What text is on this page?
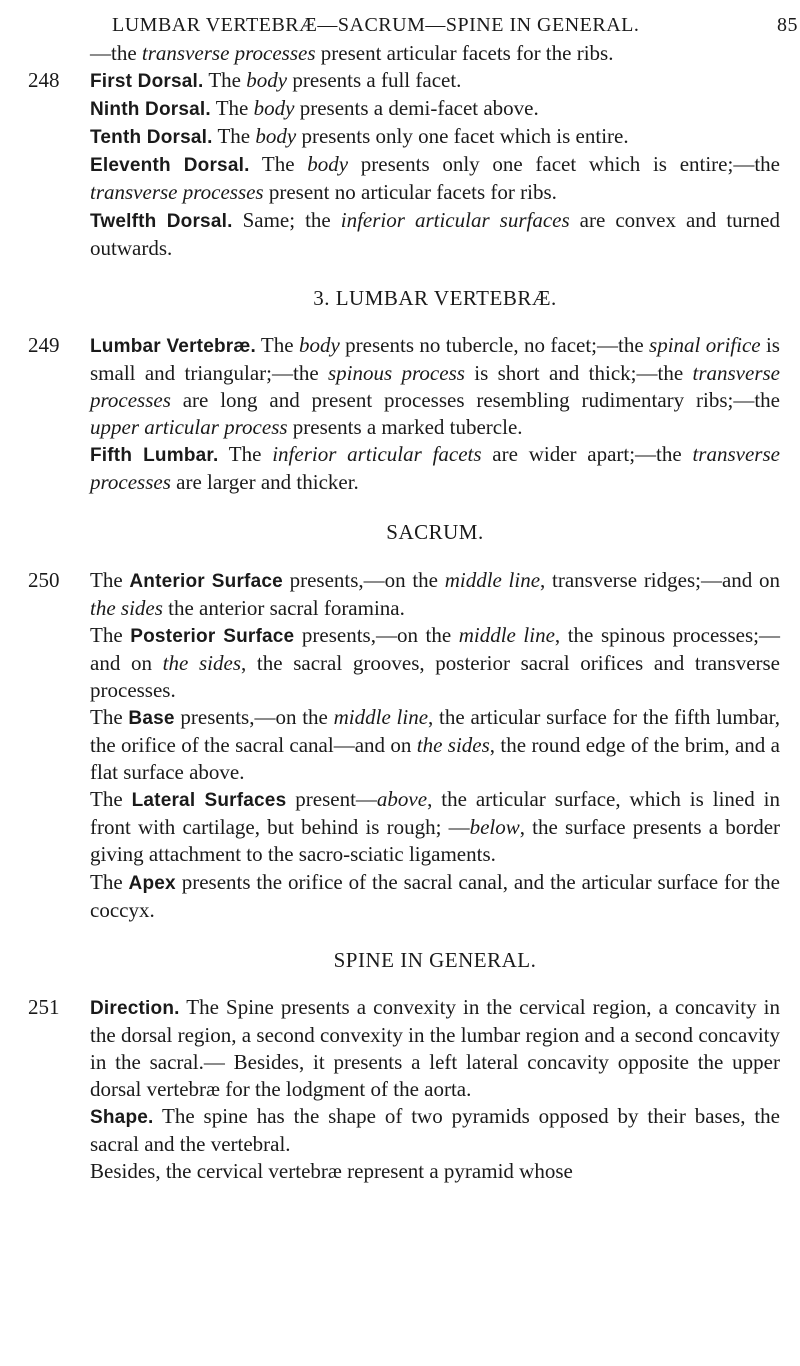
LUMBAR VERTEBRÆ—SACRUM—SPINE IN GENERAL.	85

—the transverse processes present articular facets for the ribs.

248 First Dorsal. The body presents a full facet.

Ninth Dorsal. The body presents a demi-facet above.

Tenth Dorsal. The body presents only one facet which is entire.

Eleventh Dorsal. The body presents only one facet which is entire;—the transverse processes present no articular facets for ribs.

Twelfth Dorsal. Same; the inferior articular surfaces are convex and turned outwards.

3. LUMBAR VERTEBRÆ.
249 Lumbar Vertebræ. The body presents no tubercle, no facet;—the spinal orifice is small and triangular;—the spinous process is short and thick;—the transverse processes are long and present processes resembling rudimentary ribs;—the upper articular process presents a marked tubercle.

Fifth Lumbar. The inferior articular facets are wider apart;—the transverse processes are larger and thicker.

SACRUM.
250 The Anterior Surface presents,—on the middle line, transverse ridges;—and on the sides the anterior sacral foramina.

The Posterior Surface presents,—on the middle line, the spinous processes;—and on the sides, the sacral grooves, posterior sacral orifices and transverse processes.

The Base presents,—on the middle line, the articular surface for the fifth lumbar, the orifice of the sacral canal—and on the sides, the round edge of the brim, and a flat surface above.

The Lateral Surfaces present—above, the articular surface, which is lined in front with cartilage, but behind is rough; —below, the surface presents a border giving attachment to the sacro-sciatic ligaments.

The Apex presents the orifice of the sacral canal, and the articular surface for the coccyx.

SPINE IN GENERAL.
251 Direction. The Spine presents a convexity in the cervical region, a concavity in the dorsal region, a second convexity in the lumbar region and a second concavity in the sacral.— Besides, it presents a left lateral concavity opposite the upper dorsal vertebræ for the lodgment of the aorta.

Shape. The spine has the shape of two pyramids opposed by their bases, the sacral and the vertebral.

Besides, the cervical vertebræ represent a pyramid whose
